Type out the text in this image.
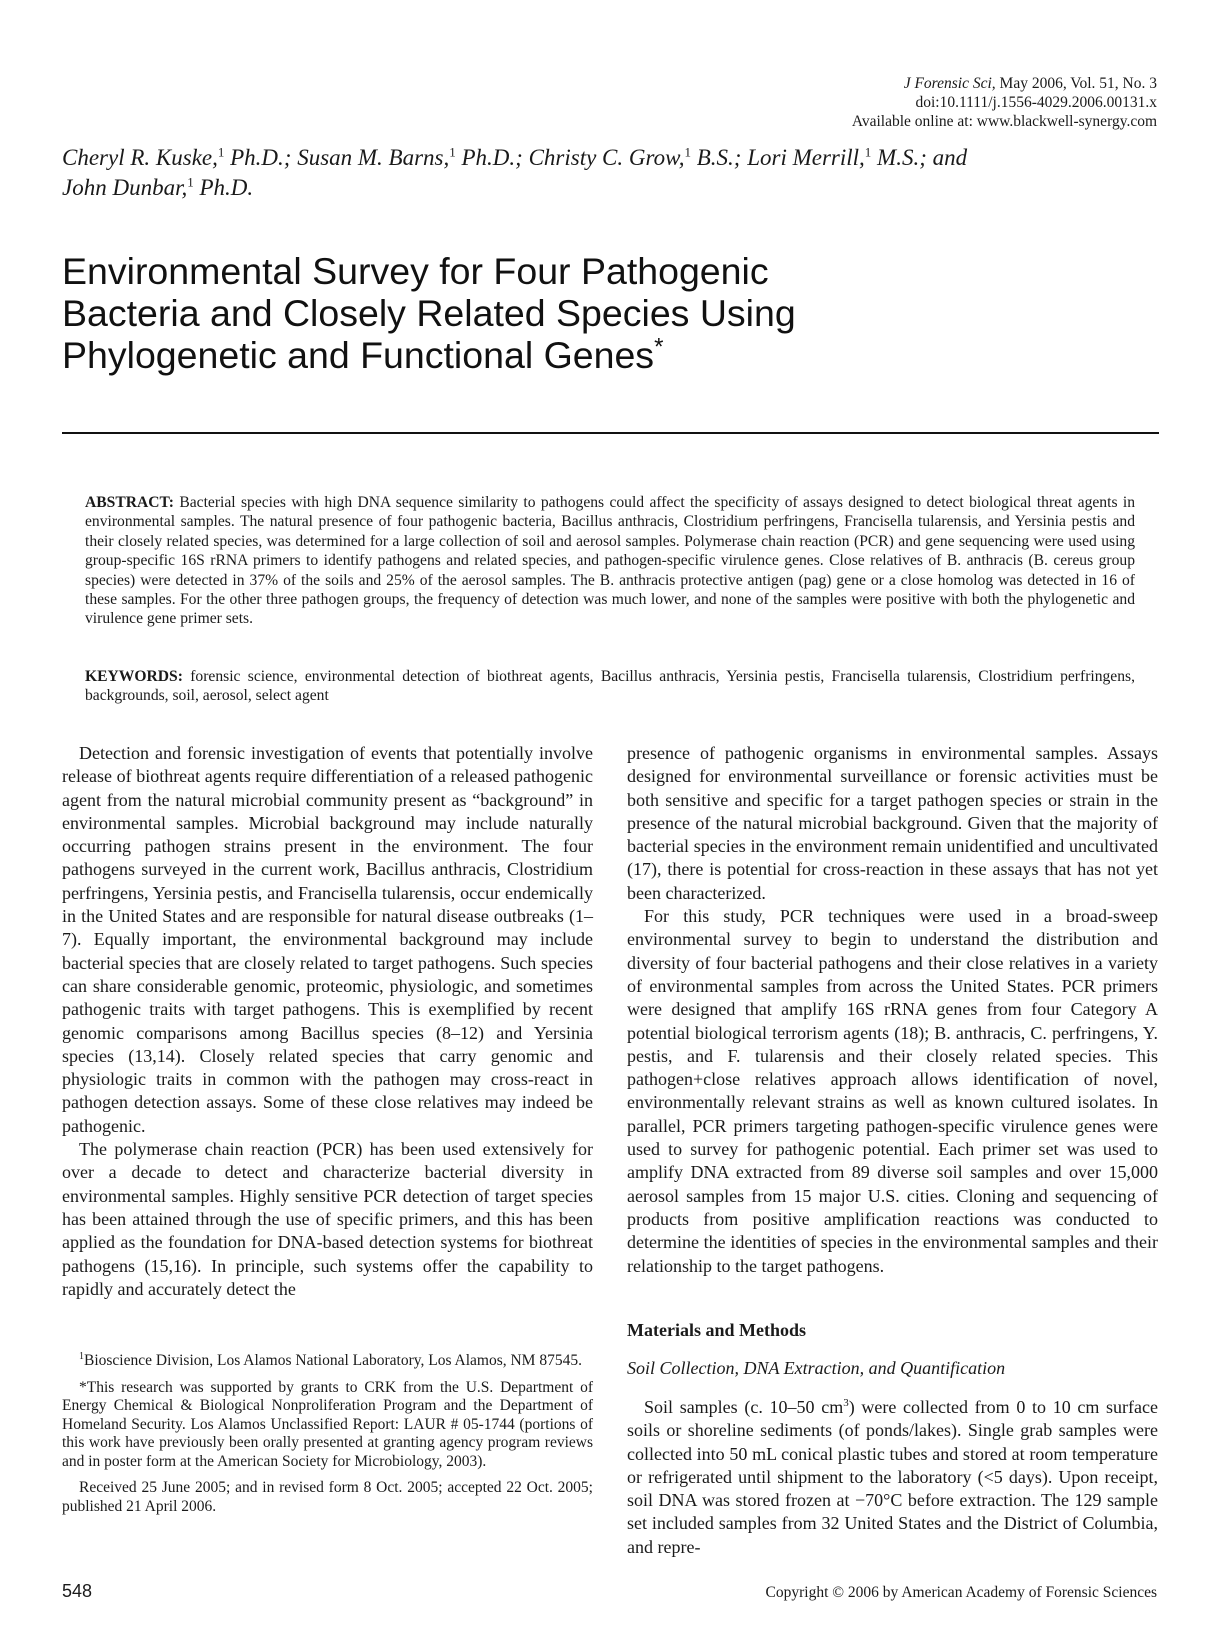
J Forensic Sci, May 2006, Vol. 51, No. 3
doi:10.1111/j.1556-4029.2006.00131.x
Available online at: www.blackwell-synergy.com
Cheryl R. Kuske,$^1$ Ph.D.; Susan M. Barns,$^1$ Ph.D.; Christy C. Grow,$^1$ B.S.; Lori Merrill,$^1$ M.S.; and
John Dunbar,$^1$ Ph.D.
Environmental Survey for Four Pathogenic
Bacteria and Closely Related Species Using
Phylogenetic and Functional Genes*
ABSTRACT: Bacterial species with high DNA sequence similarity to pathogens could affect the specificity of assays designed to detect biological threat agents in environmental samples. The natural presence of four pathogenic bacteria, Bacillus anthracis, Clostridium perfringens, Francisella tularensis, and Yersinia pestis and their closely related species, was determined for a large collection of soil and aerosol samples. Polymerase chain reaction (PCR) and gene sequencing were used using group-specific 16S rRNA primers to identify pathogens and related species, and pathogen-specific virulence genes. Close relatives of B. anthracis (B. cereus group species) were detected in 37% of the soils and 25% of the aerosol samples. The B. anthracis protective antigen (pag) gene or a close homolog was detected in 16 of these samples. For the other three pathogen groups, the frequency of detection was much lower, and none of the samples were positive with both the phylogenetic and virulence gene primer sets.
KEYWORDS: forensic science, environmental detection of biothreat agents, Bacillus anthracis, Yersinia pestis, Francisella tularensis, Clostridium perfringens, backgrounds, soil, aerosol, select agent

Detection and forensic investigation of events that potentially involve release of biothreat agents require differentiation of a released pathogenic agent from the natural microbial community present as “background” in environmental samples. Microbial background may include naturally occurring pathogen strains present in the environment. The four pathogens surveyed in the current work, Bacillus anthracis, Clostridium perfringens, Yersinia pestis, and Francisella tularensis, occur endemically in the United States and are responsible for natural disease outbreaks (1–7). Equally important, the environmental background may include bacterial species that are closely related to target pathogens. Such species can share considerable genomic, proteomic, physiologic, and sometimes pathogenic traits with target pathogens. This is exemplified by recent genomic comparisons among Bacillus species (8–12) and Yersinia species (13,14). Closely related species that carry genomic and physiologic traits in common with the pathogen may cross-react in pathogen detection assays. Some of these close relatives may indeed be pathogenic.

The polymerase chain reaction (PCR) has been used extensively for over a decade to detect and characterize bacterial diversity in environmental samples. Highly sensitive PCR detection of target species has been attained through the use of specific primers, and this has been applied as the foundation for DNA-based detection systems for biothreat pathogens (15,16). In principle, such systems offer the capability to rapidly and accurately detect the

$^1$Bioscience Division, Los Alamos National Laboratory, Los Alamos, NM 87545.

*This research was supported by grants to CRK from the U.S. Department of Energy Chemical & Biological Nonproliferation Program and the Department of Homeland Security. Los Alamos Unclassified Report: LAUR # 05-1744 (portions of this work have previously been orally presented at granting agency program reviews and in poster form at the American Society for Microbiology, 2003).

Received 25 June 2005; and in revised form 8 Oct. 2005; accepted 22 Oct. 2005; published 21 April 2006.

presence of pathogenic organisms in environmental samples. Assays designed for environmental surveillance or forensic activities must be both sensitive and specific for a target pathogen species or strain in the presence of the natural microbial background. Given that the majority of bacterial species in the environment remain unidentified and uncultivated (17), there is potential for cross-reaction in these assays that has not yet been characterized.

For this study, PCR techniques were used in a broad-sweep environmental survey to begin to understand the distribution and diversity of four bacterial pathogens and their close relatives in a variety of environmental samples from across the United States. PCR primers were designed that amplify 16S rRNA genes from four Category A potential biological terrorism agents (18); B. anthracis, C. perfringens, Y. pestis, and F. tularensis and their closely related species. This pathogen+close relatives approach allows identification of novel, environmentally relevant strains as well as known cultured isolates. In parallel, PCR primers targeting pathogen-specific virulence genes were used to survey for pathogenic potential. Each primer set was used to amplify DNA extracted from 89 diverse soil samples and over 15,000 aerosol samples from 15 major U.S. cities. Cloning and sequencing of products from positive amplification reactions was conducted to determine the identities of species in the environmental samples and their relationship to the target pathogens.

Materials and Methods
Soil Collection, DNA Extraction, and Quantification

Soil samples (c. 10–50 $cm^3$) were collected from 0 to 10 cm surface soils or shoreline sediments (of ponds/lakes). Single grab samples were collected into 50 mL conical plastic tubes and stored at room temperature or refrigerated until shipment to the laboratory (<5 days). Upon receipt, soil DNA was stored frozen at −70°C before extraction. The 129 sample set included samples from 32 United States and the District of Columbia, and repre-

548	Copyright © 2006 by American Academy of Forensic Sciences
